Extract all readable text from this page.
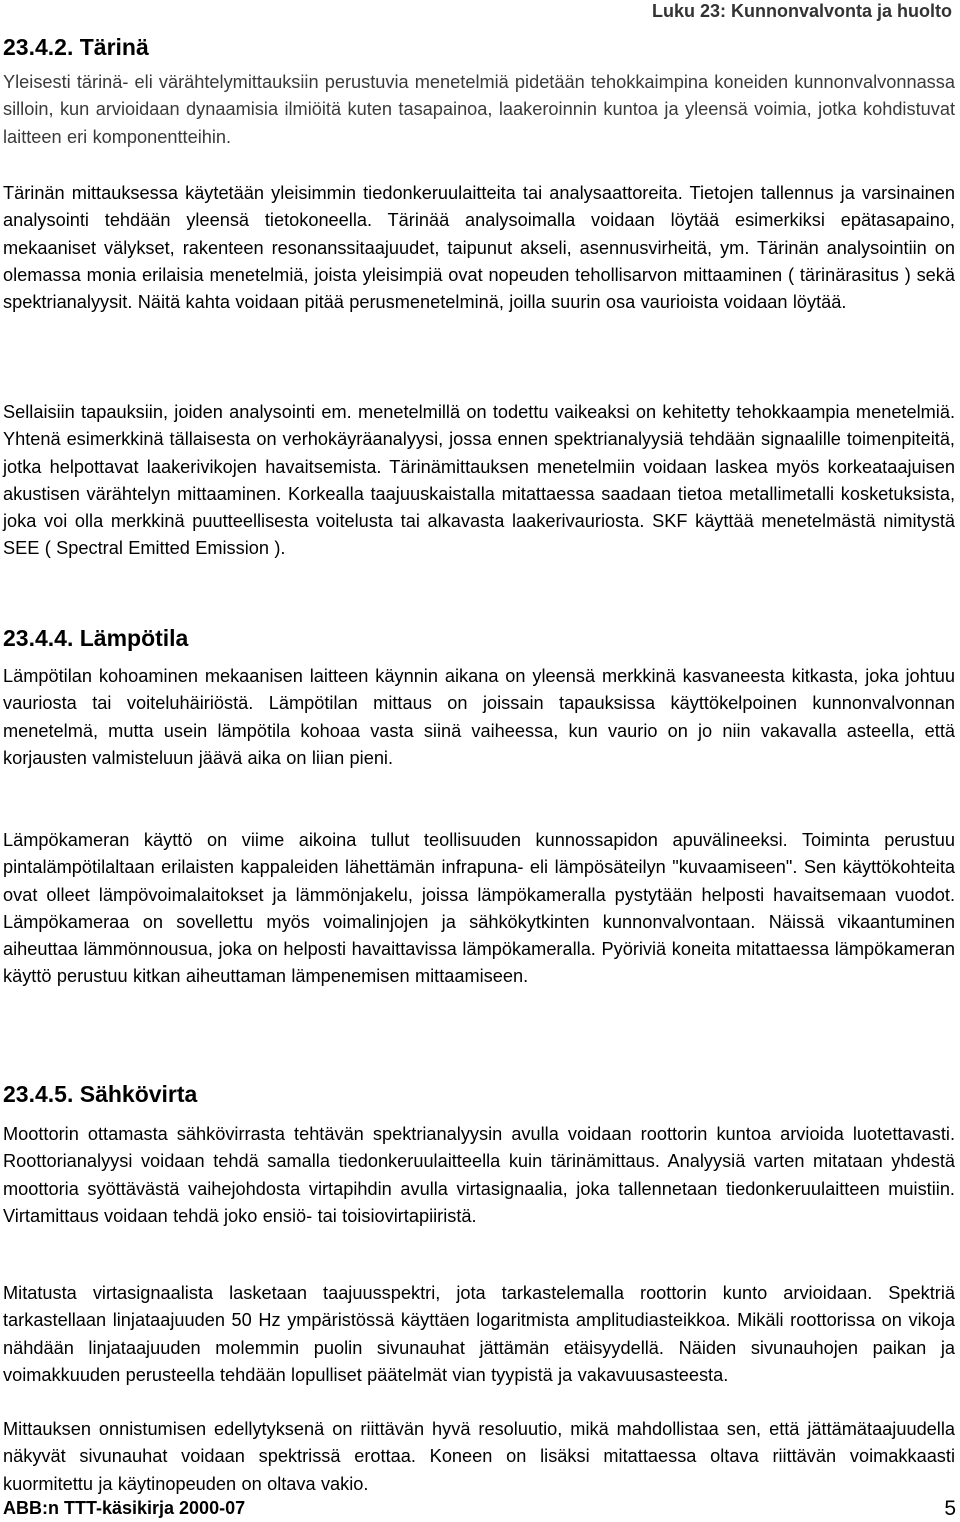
Luku 23: Kunnonvalvonta ja huolto
23.4.2. Tärinä
Yleisesti tärinä- eli värähtelymittauksiin perustuvia menetelmiä pidetään tehokkaimpina koneiden kunnonvalvonnassa silloin, kun arvioidaan dynaamisia ilmiöitä kuten tasapainoa, laakeroinnin kuntoa ja yleensä voimia, jotka kohdistuvat laitteen eri komponentteihin.
Tärinän mittauksessa käytetään yleisimmin tiedonkeruulaitteita tai analysaattoreita. Tietojen tallennus ja varsinainen analysointi tehdään yleensä tietokoneella. Tärinää analysoimalla voidaan löytää esimerkiksi epätasapaino, mekaaniset välykset, rakenteen resonanssitaajuudet, taipunut akseli, asennusvirheitä, ym. Tärinän analysointiin on olemassa monia erilaisia menetelmiä, joista yleisimpiä ovat nopeuden tehollisarvon mittaaminen ( tärinärasitus ) sekä spektrianalyysit. Näitä kahta voidaan pitää perusmenetelminä, joilla suurin osa vaurioista voidaan löytää.
Sellaisiin tapauksiin, joiden analysointi em. menetelmillä on todettu vaikeaksi on kehitetty tehokkaampia menetelmiä. Yhtenä esimerkkinä tällaisesta on verhokäyräanalyysi, jossa ennen spektrianalyysiä tehdään signaalille toimenpiteitä, jotka helpottavat laakerivikojen havaitsemista. Tärinämittauksen menetelmiin voidaan laskea myös korkeataajuisen akustisen värähtelyn mittaaminen. Korkealla taajuuskaistalla mitattaessa saadaan tietoa metallimetalli kosketuksista, joka voi olla merkkinä puutteellisesta voitelusta tai alkavasta laakerivauriosta. SKF käyttää menetelmästä nimitystä SEE ( Spectral Emitted Emission ).
23.4.4. Lämpötila
Lämpötilan kohoaminen mekaanisen laitteen käynnin aikana on yleensä merkkinä kasvaneesta kitkasta, joka johtuu vauriosta tai voiteluhäiriöstä. Lämpötilan mittaus on joissain tapauksissa käyttökelpoinen kunnonvalvonnan menetelmä, mutta usein lämpötila kohoaa vasta siinä vaiheessa, kun vaurio on jo niin vakavalla asteella, että korjausten valmisteluun jäävä aika on liian pieni.
Lämpökameran käyttö on viime aikoina tullut teollisuuden kunnossapidon apuvälineeksi. Toiminta perustuu pintalämpötilaltaan erilaisten kappaleiden lähettämän infrapuna- eli lämpösäteilyn "kuvaamiseen". Sen käyttökohteita ovat olleet lämpövoimalaitokset ja lämmönjakelu, joissa lämpökameralla pystytään helposti havaitsemaan vuodot. Lämpökameraa on sovellettu myös voimalinjojen ja sähkökytkinten kunnonvalvontaan. Näissä vikaantuminen aiheuttaa lämmönnousua, joka on helposti havaittavissa lämpökameralla. Pyöriviä koneita mitattaessa lämpökameran käyttö perustuu kitkan aiheuttaman lämpenemisen mittaamiseen.
23.4.5. Sähkövirta
Moottorin ottamasta sähkövirrasta tehtävän spektrianalyysin avulla voidaan roottorin kuntoa arvioida luotettavasti. Roottorianalyysi voidaan tehdä samalla tiedonkeruulaitteella kuin tärinämittaus. Analyysiä varten mitataan yhdestä moottoria syöttävästä vaihejohdosta virtapihdin avulla virtasignaalia, joka tallennetaan tiedonkeruulaitteen muistiin. Virtamittaus voidaan tehdä joko ensiö- tai toisiovirtapiiristä.
Mitatusta virtasignaalista lasketaan taajuusspektri, jota tarkastelemalla roottorin kunto arvioidaan. Spektriä tarkastellaan linjataajuuden 50 Hz ympäristössä käyttäen logaritmista amplitudiasteikkoa. Mikäli roottorissa on vikoja nähdään linjataajuuden molemmin puolin sivunauhat jättämän etäisyydellä. Näiden sivunauhojen paikan ja voimakkuuden perusteella tehdään lopulliset päätelmät vian tyypistä ja vakavuusasteesta.
Mittauksen onnistumisen edellytyksenä on riittävän hyvä resoluutio, mikä mahdollistaa sen, että jättämätaajuudella näkyvät sivunauhat voidaan spektrissä erottaa. Koneen on lisäksi mitattaessa oltava riittävän voimakkaasti kuormitettu ja käytinopeuden on oltava vakio.
ABB:n TTT-käsikirja 2000-07	5
